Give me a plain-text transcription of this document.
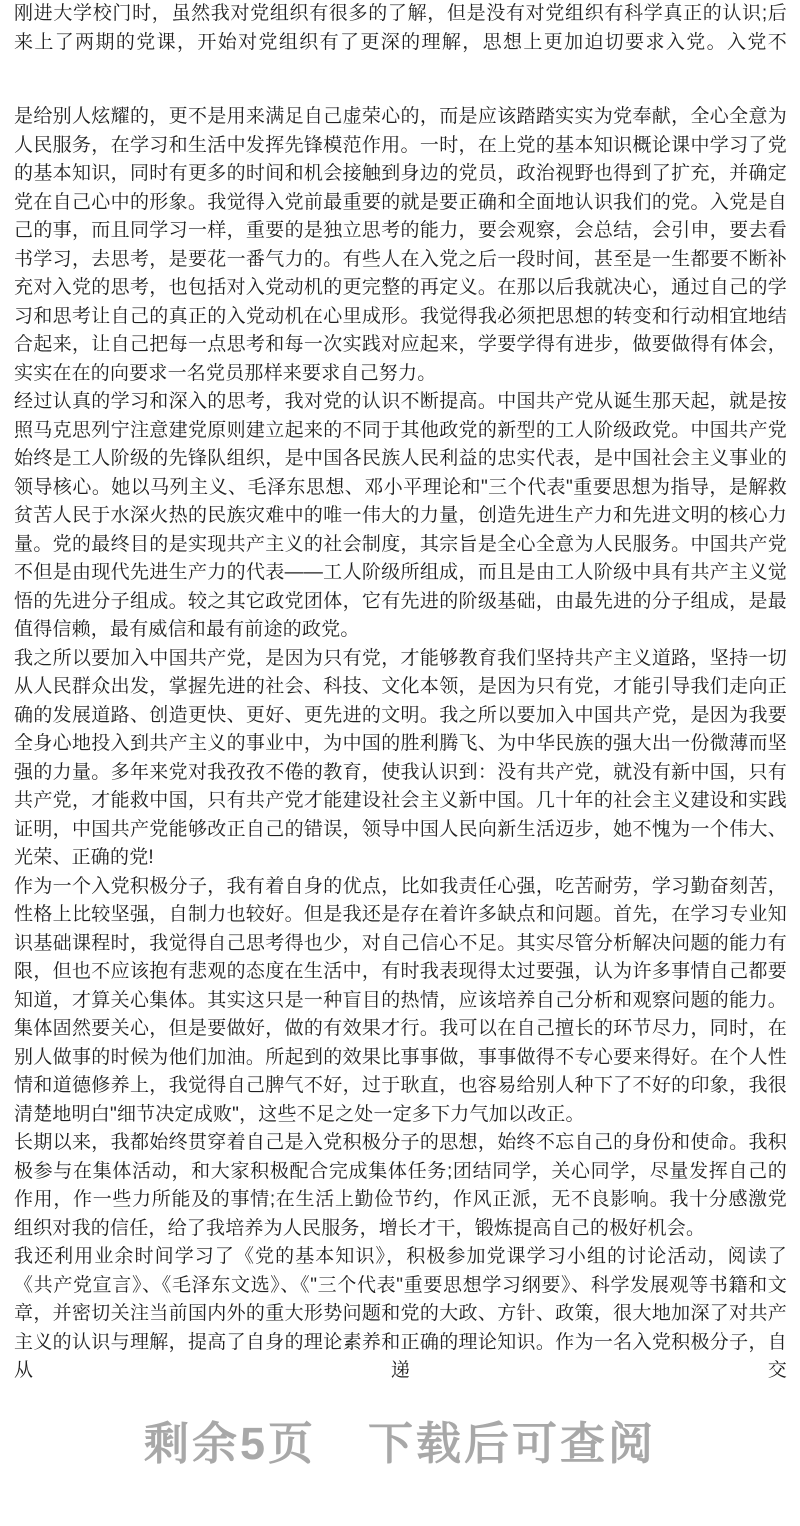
刚进大学校门时，虽然我对党组织有很多的了解，但是没有对党组织有科学真正的认识;后来上了两期的党课，开始对党组织有了更深的理解，思想上更加迫切要求入党。入党不

是给别人炫耀的，更不是用来满足自己虚荣心的，而是应该踏踏实实为党奉献，全心全意为人民服务，在学习和生活中发挥先锋模范作用。一时，在上党的基本知识概论课中学习了党的基本知识，同时有更多的时间和机会接触到身边的党员，政治视野也得到了扩充，并确定党在自己心中的形象。我觉得入党前最重要的就是要正确和全面地认识我们的党。入党是自己的事，而且同学习一样，重要的是独立思考的能力，要会观察，会总结，会引申，要去看书学习，去思考，是要花一番气力的。有些人在入党之后一段时间，甚至是一生都要不断补充对入党的思考，也包括对入党动机的更完整的再定义。在那以后我就决心，通过自己的学习和思考让自己的真正的入党动机在心里成形。我觉得我必须把思想的转变和行动相宜地结合起来，让自己把每一点思考和每一次实践对应起来，学要学得有进步，做要做得有体会，实实在在的向要求一名党员那样来要求自己努力。

经过认真的学习和深入的思考，我对党的认识不断提高。中国共产党从诞生那天起，就是按照马克思列宁注意建党原则建立起来的不同于其他政党的新型的工人阶级政党。中国共产党始终是工人阶级的先锋队组织，是中国各民族人民利益的忠实代表，是中国社会主义事业的领导核心。她以马列主义、毛泽东思想、邓小平理论和"三个代表"重要思想为指导，是解救贫苦人民于水深火热的民族灾难中的唯一伟大的力量，创造先进生产力和先进文明的核心力量。党的最终目的是实现共产主义的社会制度，其宗旨是全心全意为人民服务。中国共产党不但是由现代先进生产力的代表——工人阶级所组成，而且是由工人阶级中具有共产主义觉悟的先进分子组成。较之其它政党团体，它有先进的阶级基础，由最先进的分子组成，是最值得信赖，最有威信和最有前途的政党。

我之所以要加入中国共产党，是因为只有党，才能够教育我们坚持共产主义道路，坚持一切从人民群众出发，掌握先进的社会、科技、文化本领，是因为只有党，才能引导我们走向正确的发展道路、创造更快、更好、更先进的文明。我之所以要加入中国共产党，是因为我要全身心地投入到共产主义的事业中，为中国的胜利腾飞、为中华民族的强大出一份微薄而坚强的力量。多年来党对我孜孜不倦的教育，使我认识到：没有共产党，就没有新中国，只有共产党，才能救中国，只有共产党才能建设社会主义新中国。几十年的社会主义建设和实践证明，中国共产党能够改正自己的错误，领导中国人民向新生活迈步，她不愧为一个伟大、光荣、正确的党!

作为一个入党积极分子，我有着自身的优点，比如我责任心强，吃苦耐劳，学习勤奋刻苦，性格上比较坚强，自制力也较好。但是我还是存在着许多缺点和问题。首先，在学习专业知识基础课程时，我觉得自己思考得也少，对自己信心不足。其实尽管分析解决问题的能力有限，但也不应该抱有悲观的态度在生活中，有时我表现得太过要强，认为许多事情自己都要知道，才算关心集体。其实这只是一种盲目的热情，应该培养自己分析和观察问题的能力。集体固然要关心，但是要做好，做的有效果才行。我可以在自己擅长的环节尽力，同时，在别人做事的时候为他们加油。所起到的效果比事事做，事事做得不专心要来得好。在个人性情和道德修养上，我觉得自己脾气不好，过于耿直，也容易给别人种下了不好的印象，我很清楚地明白"细节决定成败"，这些不足之处一定多下力气加以改正。

长期以来，我都始终贯穿着自己是入党积极分子的思想，始终不忘自己的身份和使命。我积极参与在集体活动，和大家积极配合完成集体任务;团结同学，关心同学，尽量发挥自己的作用，作一些力所能及的事情;在生活上勤俭节约，作风正派，无不良影响。我十分感激党组织对我的信任，给了我培养为人民服务，增长才干，锻炼提高自己的极好机会。

我还利用业余时间学习了《党的基本知识》，积极参加党课学习小组的讨论活动，阅读了《共产党宣言》、《毛泽东文选》、《"三个代表"重要思想学习纲要》、科学发展观等书籍和文章，并密切关注当前国内外的重大形势问题和党的大政、方针、政策，很大地加深了对共产主义的认识与理解，提高了自身的理论素养和正确的理论知识。作为一名入党积极分子，自从递交

剩余5页 下载后可查阅
